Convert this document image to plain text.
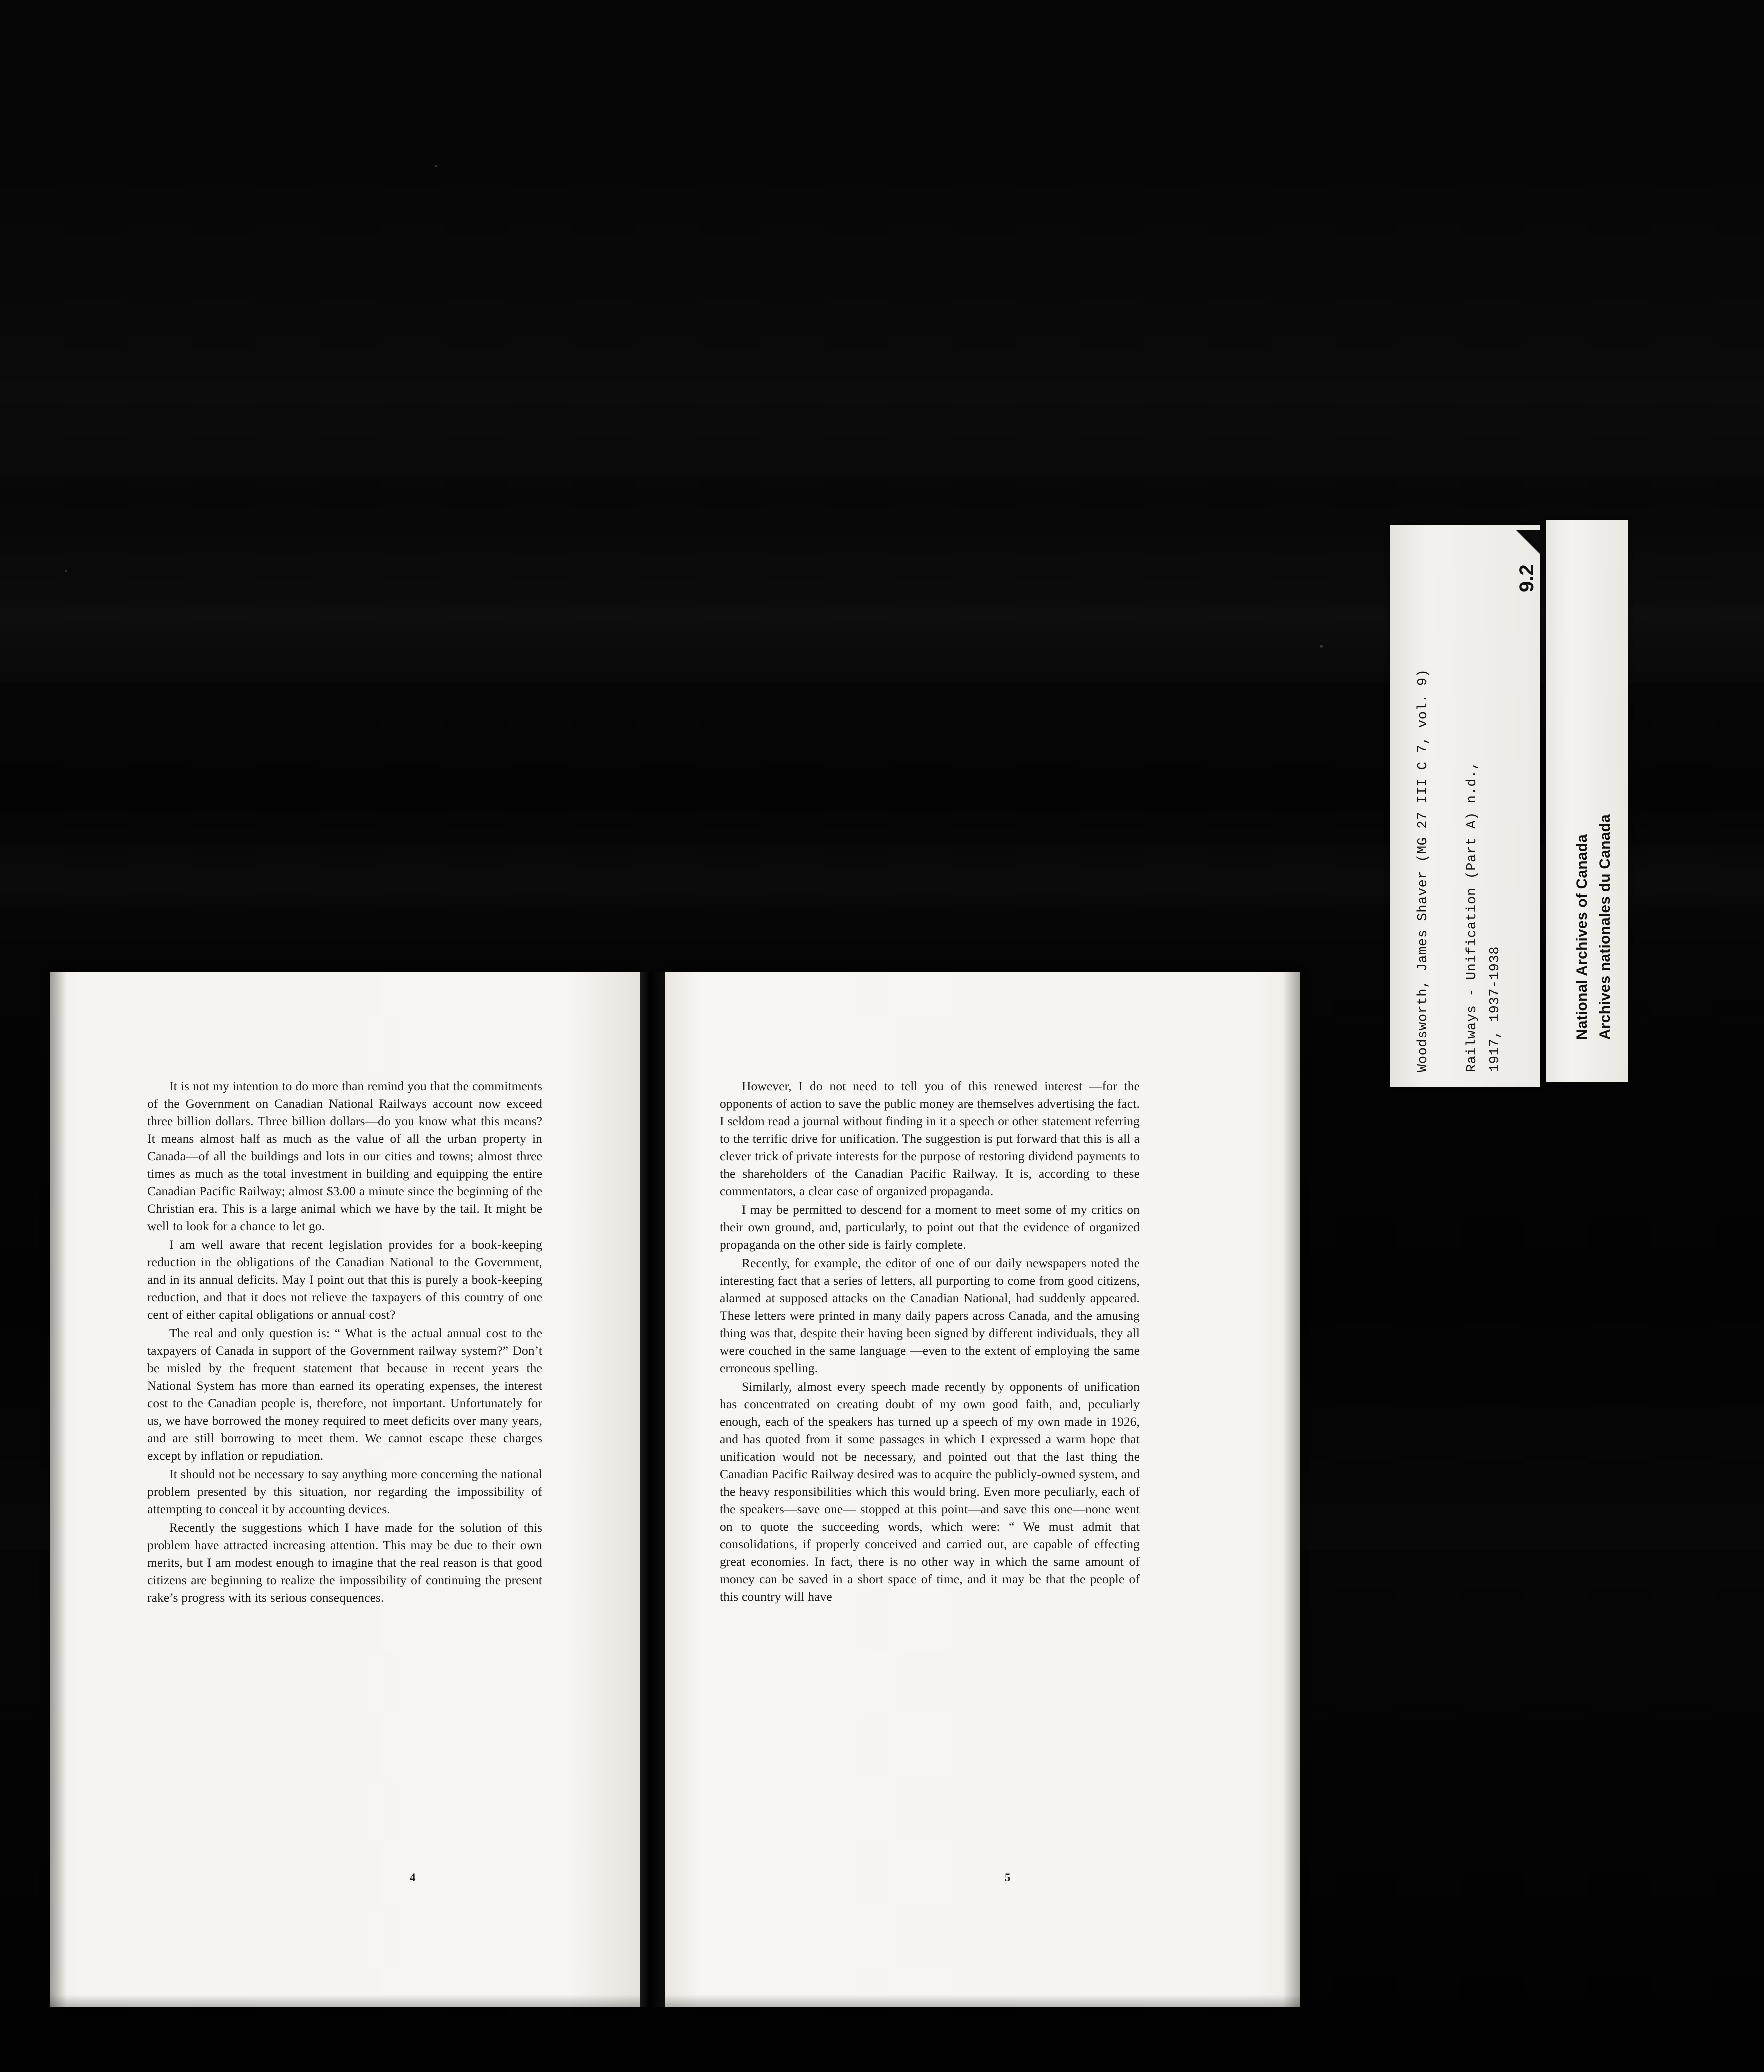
It is not my intention to do more than remind you that the commitments of the Government on Canadian National Railways account now exceed three billion dollars. Three billion dollars—do you know what this means? It means almost half as much as the value of all the urban property in Canada—of all the buildings and lots in our cities and towns; almost three times as much as the total investment in building and equipping the entire Canadian Pacific Railway; almost $3.00 a minute since the beginning of the Christian era. This is a large animal which we have by the tail. It might be well to look for a chance to let go.

I am well aware that recent legislation provides for a book-keeping reduction in the obligations of the Canadian National to the Government, and in its annual deficits. May I point out that this is purely a book-keeping reduction, and that it does not relieve the taxpayers of this country of one cent of either capital obligations or annual cost?

The real and only question is: “ What is the actual annual cost to the taxpayers of Canada in support of the Government railway system?” Don’t be misled by the frequent statement that because in recent years the National System has more than earned its operating expenses, the interest cost to the Canadian people is, therefore, not important. Unfortunately for us, we have borrowed the money required to meet deficits over many years, and are still borrowing to meet them. We cannot escape these charges except by inflation or repudiation.

It should not be necessary to say anything more concerning the national problem presented by this situation, nor regarding the impossibility of attempting to conceal it by accounting devices.

Recently the suggestions which I have made for the solution of this problem have attracted increasing attention. This may be due to their own merits, but I am modest enough to imagine that the real reason is that good citizens are beginning to realize the impossibility of continuing the present rake’s progress with its serious consequences.

However, I do not need to tell you of this renewed interest —for the opponents of action to save the public money are themselves advertising the fact. I seldom read a journal without finding in it a speech or other statement referring to the terrific drive for unification. The suggestion is put forward that this is all a clever trick of private interests for the purpose of restoring dividend payments to the shareholders of the Canadian Pacific Railway. It is, according to these commentators, a clear case of organized propaganda.

I may be permitted to descend for a moment to meet some of my critics on their own ground, and, particularly, to point out that the evidence of organized propaganda on the other side is fairly complete.

Recently, for example, the editor of one of our daily newspapers noted the interesting fact that a series of letters, all purporting to come from good citizens, alarmed at supposed attacks on the Canadian National, had suddenly appeared. These letters were printed in many daily papers across Canada, and the amusing thing was that, despite their having been signed by different individuals, they all were couched in the same language —even to the extent of employing the same erroneous spelling.

Similarly, almost every speech made recently by opponents of unification has concentrated on creating doubt of my own good faith, and, peculiarly enough, each of the speakers has turned up a speech of my own made in 1926, and has quoted from it some passages in which I expressed a warm hope that unification would not be necessary, and pointed out that the last thing the Canadian Pacific Railway desired was to acquire the publicly-owned system, and the heavy responsibilities which this would bring. Even more peculiarly, each of the speakers—save one— stopped at this point—and save this one—none went on to quote the succeeding words, which were: “ We must admit that consolidations, if properly conceived and carried out, are capable of effecting great economies. In fact, there is no other way in which the same amount of money can be saved in a short space of time, and it may be that the people of this country will have

4	5
Woodsworth, James Shaver (MG 27 III C 7, vol. 9)	Railways - Unification (Part A) n.d., 1917, 1937-1938
9.2
National Archives of Canada Archives nationales du Canada
